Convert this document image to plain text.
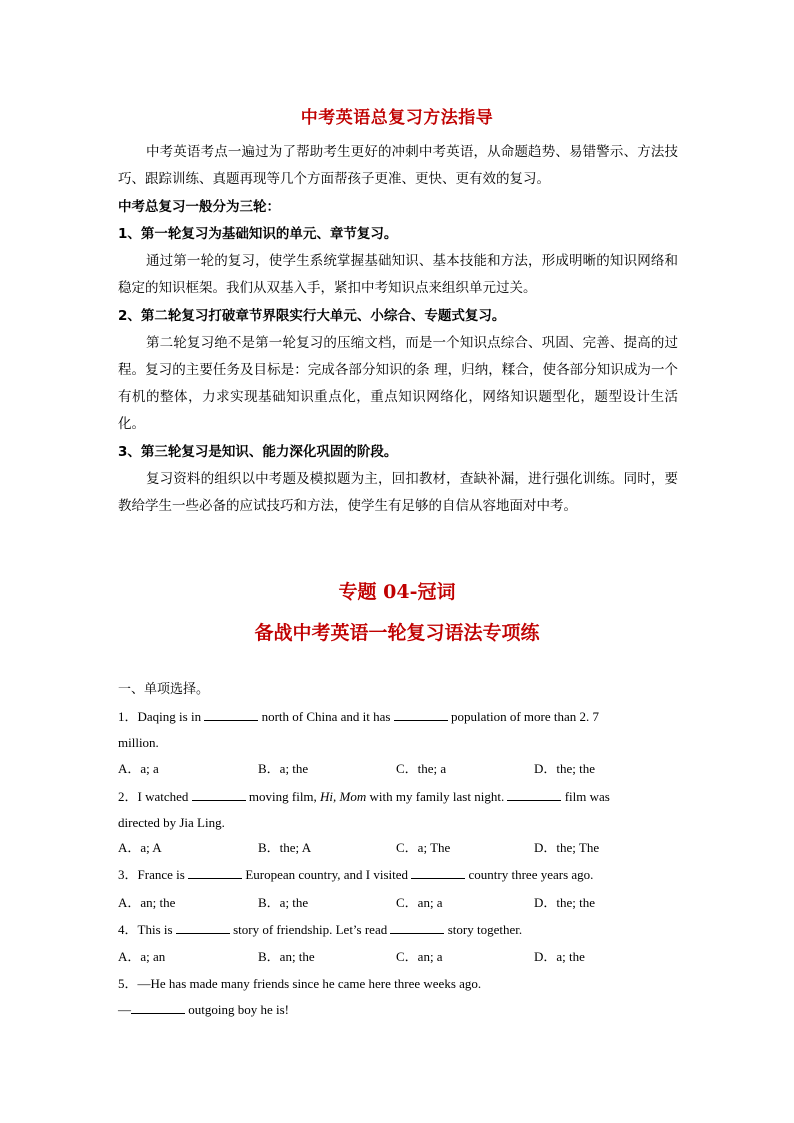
中考英语总复习方法指导
中考英语考点一遍过为了帮助考生更好的冲刺中考英语，从命题趋势、易错警示、方法技巧、跟踪训练、真题再现等几个方面帮孩子更准、更快、更有效的复习。
中考总复习一般分为三轮：
1、第一轮复习为基础知识的单元、章节复习。
通过第一轮的复习，使学生系统掌握基础知识、基本技能和方法，形成明晰的知识网络和稳定的知识框架。我们从双基入手，紧扣中考知识点来组织单元过关。
2、第二轮复习打破章节界限实行大单元、小综合、专题式复习。
第二轮复习绝不是第一轮复习的压缩文档，而是一个知识点综合、巩固、完善、提高的过程。复习的主要任务及目标是：完成各部分知识的条 理，归纳，糅合，使各部分知识成为一个有机的整体，力求实现基础知识重点化，重点知识网络化，网络知识题型化，题型设计生活化。
3、第三轮复习是知识、能力深化巩固的阶段。
复习资料的组织以中考题及模拟题为主，回扣教材，查缺补漏，进行强化训练。同时，要教给学生一些必备的应试技巧和方法，使学生有足够的自信从容地面对中考。
专题 04-冠词
备战中考英语一轮复习语法专项练
一、单项选择。
1．Daqing is in	north of China and it has	population of more than 2. 7
million.
A．a; a	B．a; the	C．the; a	D．the; the
2．I watched	moving film, Hi, Mom with my family last night.	film was
directed by Jia Ling.
A．a; A	B．the; A	C．a; The	D．the; The
3．France is	European country, and I visited	country three years ago.
A．an; the	B．a; the	C．an; a	D．the; the
4．This is	story of friendship. Let’s read	story together.
A．a; an	B．an; the	C．an; a	D．a; the
5．—He has made many friends since he came here three weeks ago.
—	outgoing boy he is!
